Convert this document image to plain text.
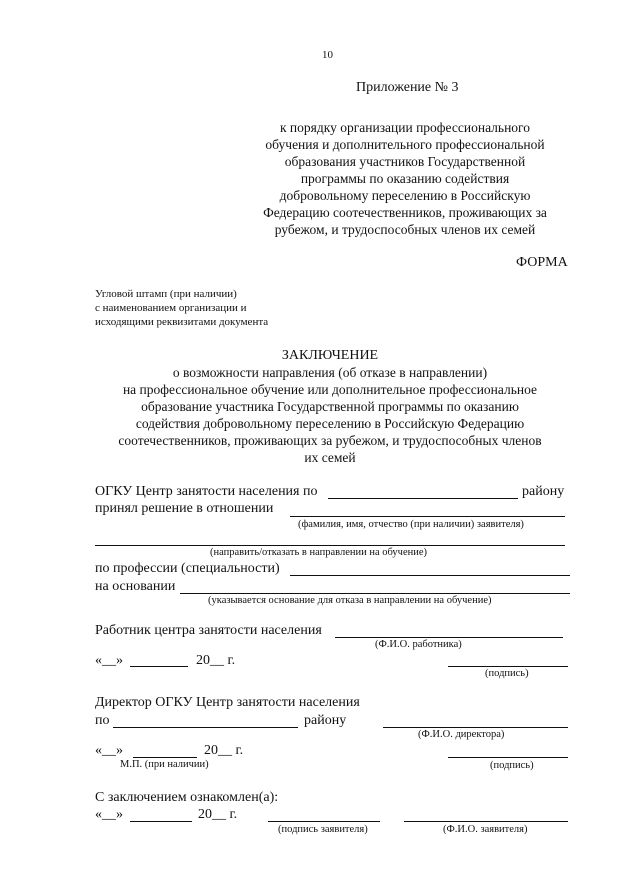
10
Приложение № 3
к порядку организации профессионального
обучения и дополнительного профессиональной
образования участников Государственной
программы по оказанию содействия
добровольному переселению в Российскую
Федерацию соотечественников, проживающих за
рубежом, и трудоспособных членов их семей
ФОРМА
Угловой штамп (при наличии)
с наименованием организации и
исходящими реквизитами документа
ЗАКЛЮЧЕНИЕ
о возможности направления (об отказе в направлении)
на профессиональное обучение или дополнительное профессиональное
образование участника Государственной программы по оказанию
содействия добровольному переселению в Российскую Федерацию
соотечественников, проживающих за рубежом, и трудоспособных членов
их семей
ОГКУ Центр занятости населения по	району
принял решение в отношении
(фамилия, имя, отчество (при наличии) заявителя)
(направить/отказать в направлении на обучение)
по профессии (специальности)
на основании
(указывается основание для отказа в направлении на обучение)
Работник центра занятости населения
(Ф.И.О. работника)
«__»	20__ г.
(подпись)
Директор ОГКУ Центр занятости населения
по	району
(Ф.И.О. директора)
«__»	20__ г.
М.П. (при наличии)	(подпись)
С заключением ознакомлен(а):
«__»	20__ г.
(подпись заявителя)	(Ф.И.О. заявителя)
